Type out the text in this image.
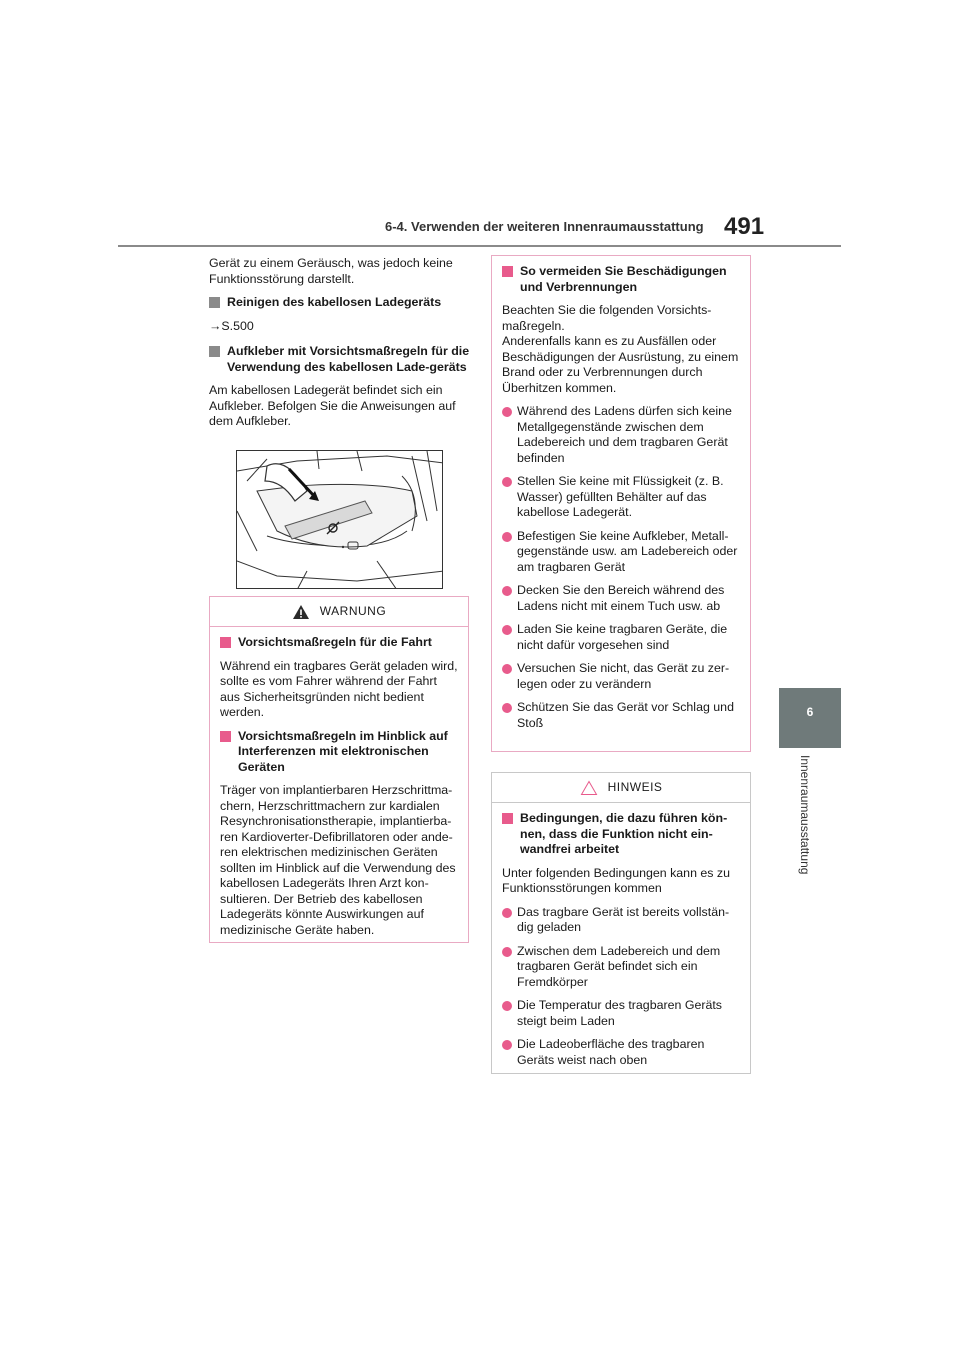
6-4. Verwenden der weiteren Innenraumausstattung 491
6
Innenraumausstattung

Gerät zu einem Geräusch, was jedoch keine Funktionsstörung darstellt.

Reinigen des kabellosen Ladegeräts

→S.500

Aufkleber mit Vorsichtsmaßregeln für die Verwendung des kabellosen Lade-geräts

Am kabellosen Ladegerät befindet sich ein Aufkleber. Befolgen Sie die Anweisungen auf dem Aufkleber.

WARNUNG
Vorsichtsmaßregeln für die Fahrt

Während ein tragbares Gerät geladen wird, sollte es vom Fahrer während der Fahrt aus Sicherheitsgründen nicht bedient werden.

Vorsichtsmaßregeln im Hinblick auf Interferenzen mit elektronischen Geräten

Träger von implantierbaren Herzschrittma-chern, Herzschrittmachern zur kardialen Resynchronisationstherapie, implantierba-ren Kardioverter-Defibrillatoren oder ande-ren elektrischen medizinischen Geräten sollten im Hinblick auf die Verwendung des kabellosen Ladegeräts Ihren Arzt kon-sultieren. Der Betrieb des kabellosen Ladegeräts könnte Auswirkungen auf medizinische Geräte haben.

So vermeiden Sie Beschädigungen und Verbrennungen

Beachten Sie die folgenden Vorsichts-maßregeln.
Anderenfalls kann es zu Ausfällen oder Beschädigungen der Ausrüstung, zu einem Brand oder zu Verbrennungen durch Überhitzen kommen.

Während des Ladens dürfen sich keine Metallgegenstände zwischen dem Ladebereich und dem tragbaren Gerät befinden
Stellen Sie keine mit Flüssigkeit (z. B. Wasser) gefüllten Behälter auf das kabellose Ladegerät.
Befestigen Sie keine Aufkleber, Metall-gegenstände usw. am Ladebereich oder am tragbaren Gerät
Decken Sie den Bereich während des Ladens nicht mit einem Tuch usw. ab
Laden Sie keine tragbaren Geräte, die nicht dafür vorgesehen sind
Versuchen Sie nicht, das Gerät zu zer-legen oder zu verändern
Schützen Sie das Gerät vor Schlag und Stoß
HINWEIS
Bedingungen, die dazu führen kön-nen, dass die Funktion nicht ein-wandfrei arbeitet

Unter folgenden Bedingungen kann es zu Funktionsstörungen kommen

Das tragbare Gerät ist bereits vollstän-dig geladen
Zwischen dem Ladebereich und dem tragbaren Gerät befindet sich ein Fremdkörper
Die Temperatur des tragbaren Geräts steigt beim Laden
Die Ladeoberfläche des tragbaren Geräts weist nach oben
